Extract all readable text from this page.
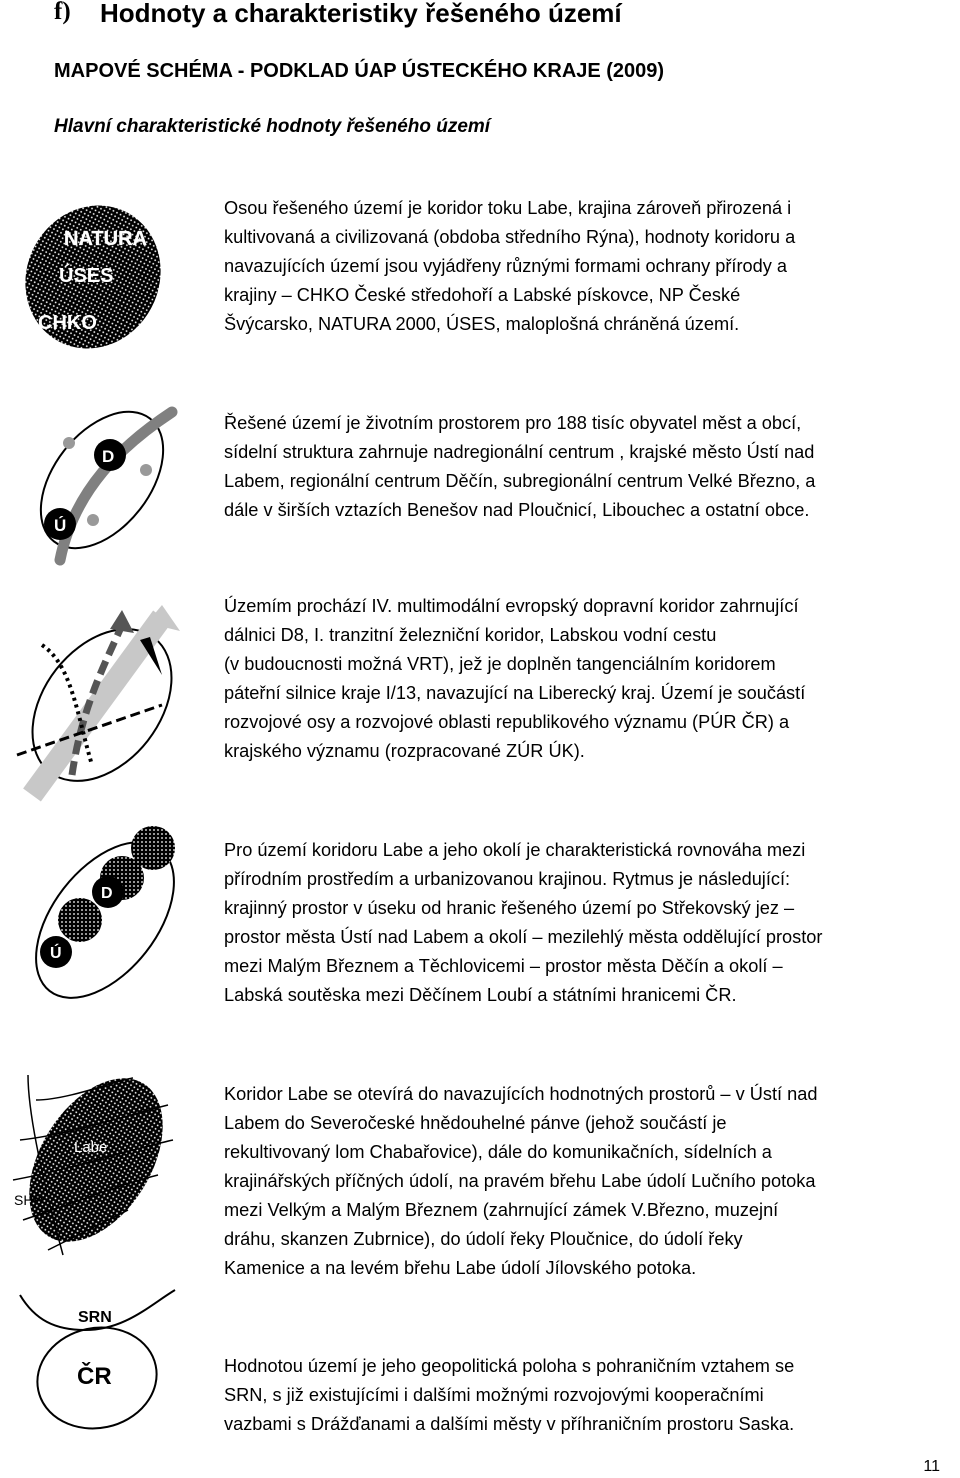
f) Hodnoty a charakteristiky řešeného území
MAPOVÉ SCHÉMA - PODKLAD ÚAP ÚSTECKÉHO KRAJE (2009)
Hlavní charakteristické hodnoty řešeného území
NATURA
ÚSES
CHKO
D
Ú
D
Ú
Labe
SHP
SRN
ČR
Osou řešeného území je koridor toku Labe, krajina zároveň přirozená i
kultivovaná a civilizovaná (obdoba středního Rýna), hodnoty koridoru a
navazujících území jsou vyjádřeny různými formami ochrany přírody a
krajiny – CHKO České středohoří a Labské pískovce, NP České
Švýcarsko, NATURA 2000, ÚSES, maloplošná chráněná území.
Řešené území je životním prostorem pro 188 tisíc obyvatel měst a obcí,
sídelní struktura zahrnuje nadregionální centrum , krajské město Ústí nad
Labem, regionální centrum Děčín, subregionální centrum Velké Březno, a
dále v širších vztazích Benešov nad Ploučnicí, Libouchec a ostatní obce.
Územím prochází IV. multimodální evropský dopravní koridor zahrnující
dálnici D8, I. tranzitní železniční koridor, Labskou vodní cestu
(v budoucnosti možná VRT), jež je doplněn tangenciálním koridorem
páteřní silnice kraje I/13, navazující na Liberecký kraj. Území je součástí
rozvojové osy a rozvojové oblasti republikového významu (PÚR ČR) a
krajského významu (rozpracované ZÚR ÚK).
Pro území koridoru Labe a jeho okolí je charakteristická rovnováha mezi
přírodním prostředím a urbanizovanou krajinou. Rytmus je následující:
krajinný prostor v úseku od hranic řešeného území po Střekovský jez –
prostor města Ústí nad Labem a okolí – mezilehlý města oddělující prostor
mezi Malým Březnem a Těchlovicemi – prostor města Děčín a okolí –
Labská soutěska mezi Děčínem Loubí a státními hranicemi ČR.
Koridor Labe se otevírá do navazujících hodnotných prostorů – v Ústí nad
Labem do Severočeské hnědouhelné pánve (jehož součástí je
rekultivovaný lom Chabařovice), dále do komunikačních, sídelních a
krajinářských příčných údolí, na pravém břehu Labe údolí Lučního potoka
mezi Velkým a Malým Březnem (zahrnující zámek V.Březno, muzejní
dráhu, skanzen Zubrnice), do údolí řeky Ploučnice, do údolí řeky
Kamenice a na levém břehu Labe údolí Jílovského potoka.
Hodnotou území je jeho geopolitická poloha s pohraničním vztahem se
SRN, s již existujícími i dalšími možnými rozvojovými kooperačními
vazbami s Drážďanami a dalšími městy v příhraničním prostoru Saska.
11
